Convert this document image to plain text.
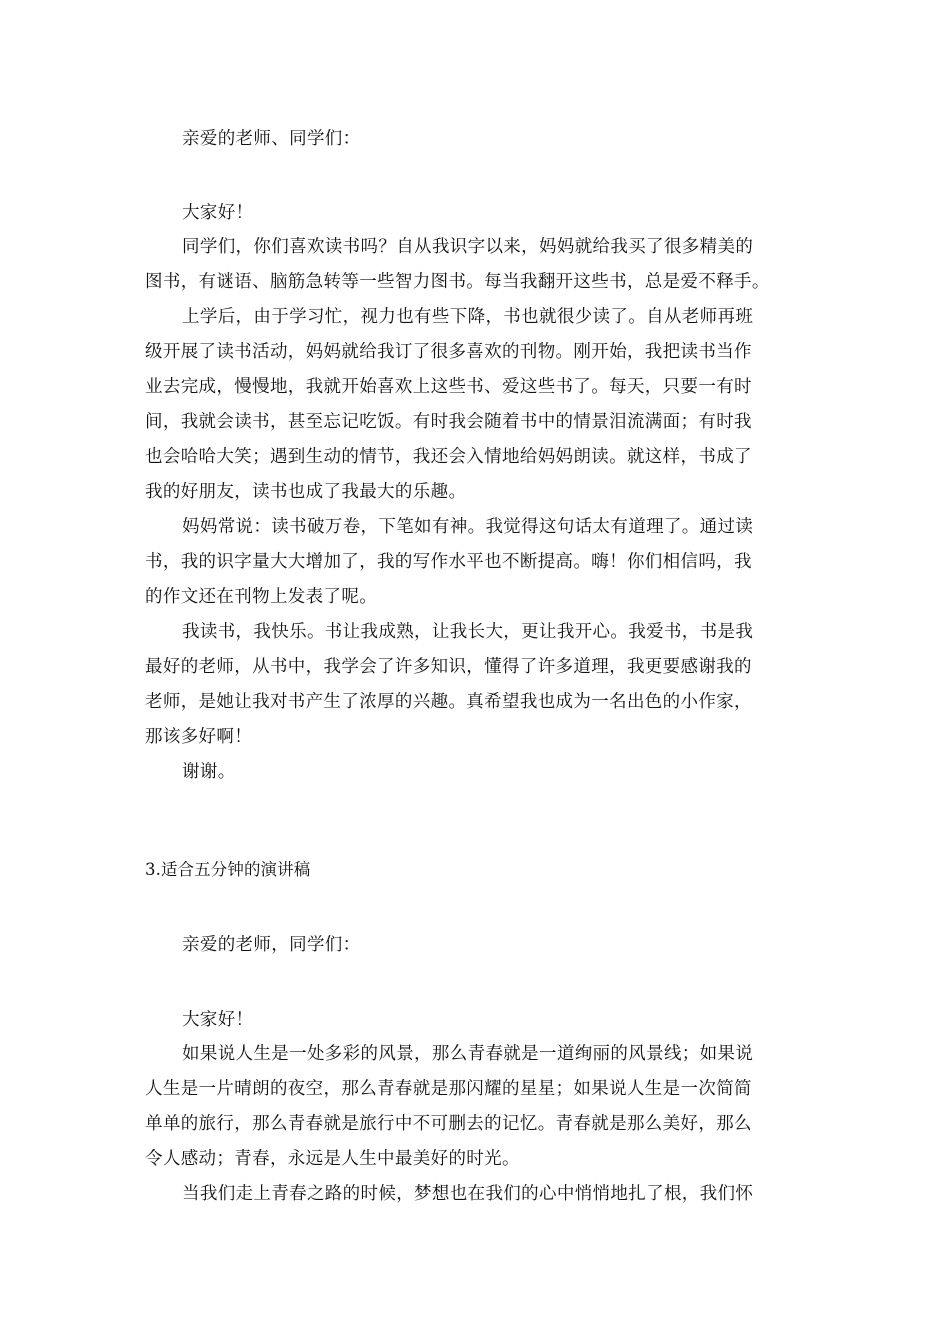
亲爱的老师、同学们：
大家好！
同学们，你们喜欢读书吗？自从我识字以来，妈妈就给我买了很多精美的
图书，有谜语、脑筋急转等一些智力图书。每当我翻开这些书，总是爱不释手。
上学后，由于学习忙，视力也有些下降，书也就很少读了。自从老师再班
级开展了读书活动，妈妈就给我订了很多喜欢的刊物。刚开始，我把读书当作
业去完成，慢慢地，我就开始喜欢上这些书、爱这些书了。每天，只要一有时
间，我就会读书，甚至忘记吃饭。有时我会随着书中的情景泪流满面；有时我
也会哈哈大笑；遇到生动的情节，我还会入情地给妈妈朗读。就这样，书成了
我的好朋友，读书也成了我最大的乐趣。
妈妈常说：读书破万卷，下笔如有神。我觉得这句话太有道理了。通过读
书，我的识字量大大增加了，我的写作水平也不断提高。嗨！你们相信吗，我
的作文还在刊物上发表了呢。
我读书，我快乐。书让我成熟，让我长大，更让我开心。我爱书，书是我
最好的老师，从书中，我学会了许多知识，懂得了许多道理，我更要感谢我的
老师，是她让我对书产生了浓厚的兴趣。真希望我也成为一名出色的小作家，
那该多好啊！
谢谢。
3.适合五分钟的演讲稿
亲爱的老师，同学们：
大家好！
如果说人生是一处多彩的风景，那么青春就是一道绚丽的风景线；如果说
人生是一片晴朗的夜空，那么青春就是那闪耀的星星；如果说人生是一次简简
单单的旅行，那么青春就是旅行中不可删去的记忆。青春就是那么美好，那么
令人感动；青春，永远是人生中最美好的时光。
当我们走上青春之路的时候，梦想也在我们的心中悄悄地扎了根，我们怀
